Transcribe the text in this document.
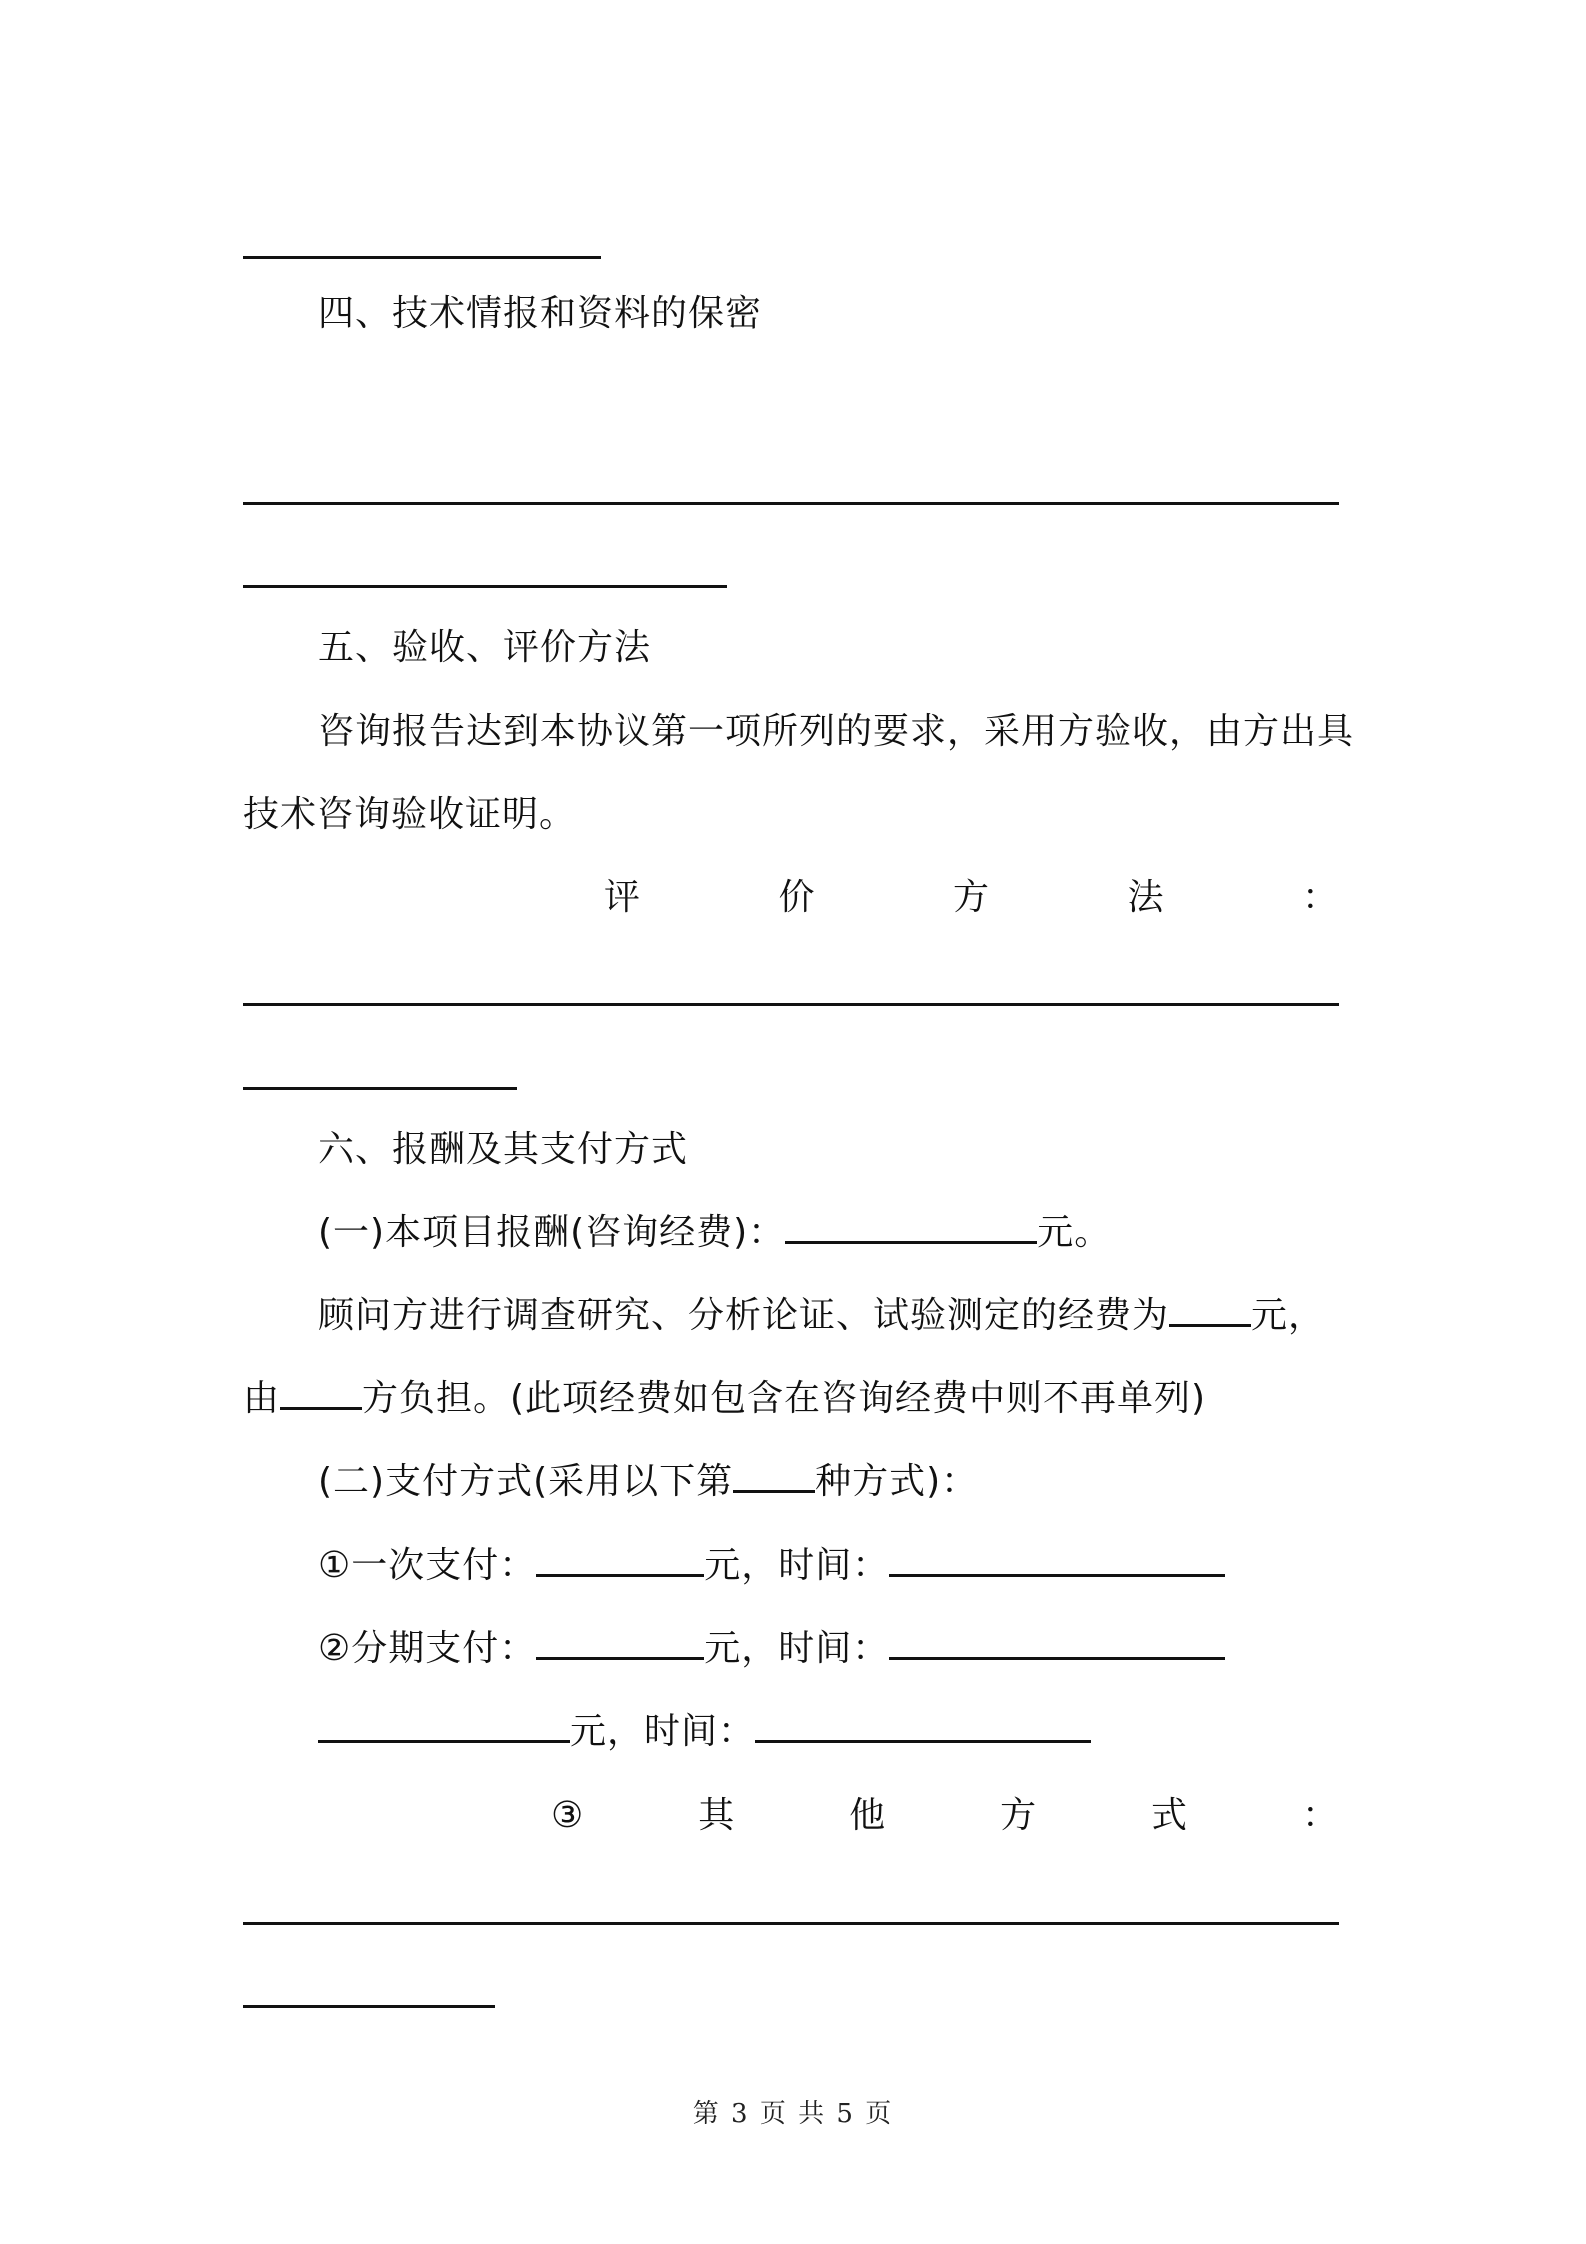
四、技术情报和资料的保密
五、验收、评价方法
咨询报告达到本协议第一项所列的要求，采用方验收，由方出具
技术咨询验收证明。
评	价	方	法	：
六、报酬及其支付方式
(一)本项目报酬(咨询经费)：	元。
顾问方进行调查研究、分析论证、试验测定的经费为 元，
由 方负担。(此项经费如包含在咨询经费中则不再单列)
(二)支付方式(采用以下第 种方式)：
①一次支付：	元，时间：
②分期支付：	元，时间：
元，时间：
③	其	他	方	式	：
第 3 页 共 5 页
